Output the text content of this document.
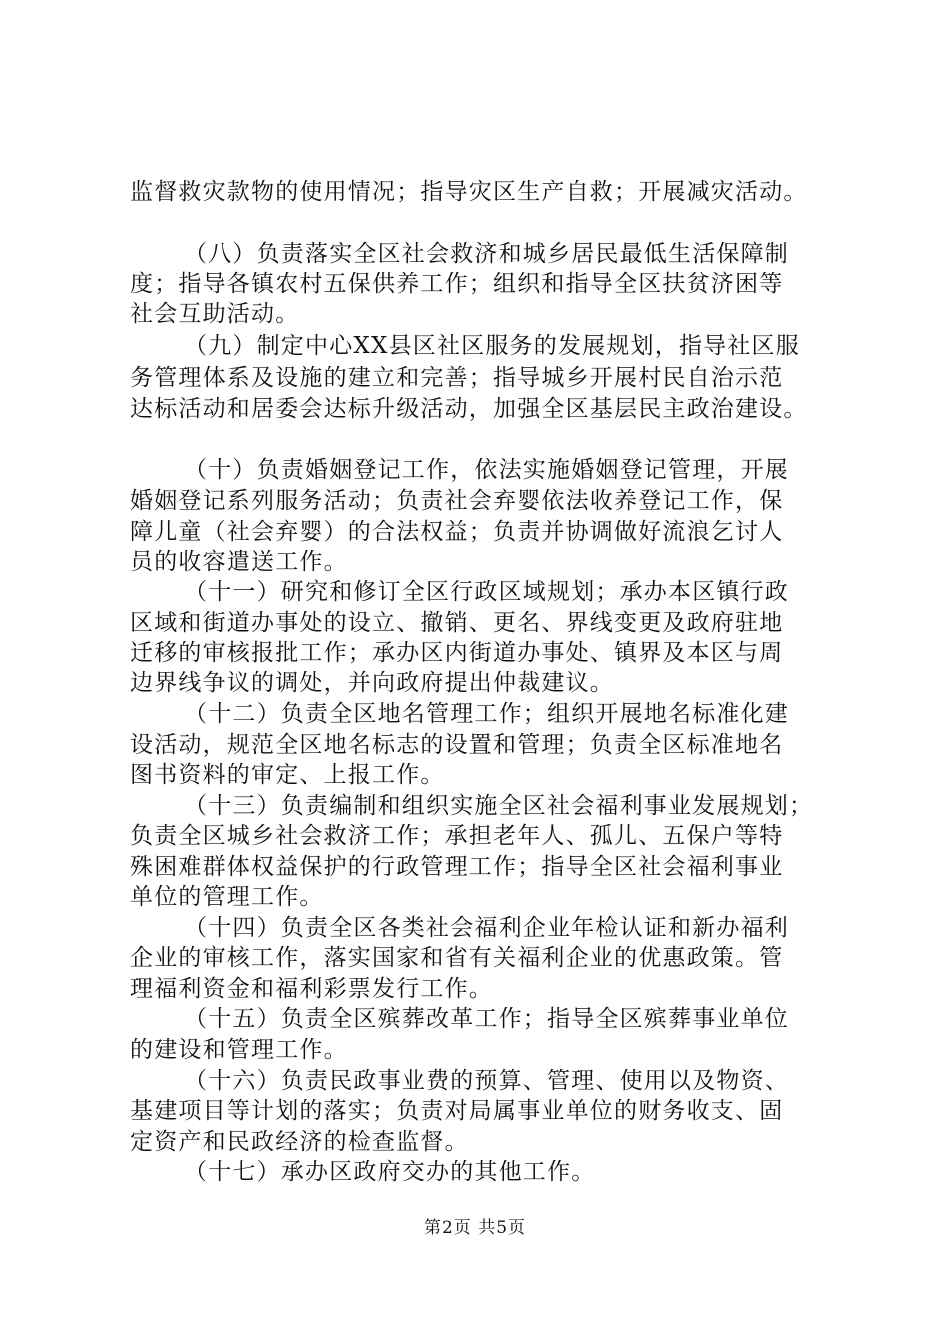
监督救灾款物的使用情况；指导灾区生产自救；开展减灾活动。
（八）负责落实全区社会救济和城乡居民最低生活保障制
度；指导各镇农村五保供养工作；组织和指导全区扶贫济困等
社会互助活动。
（九）制定中心XX县区社区服务的发展规划，指导社区服
务管理体系及设施的建立和完善；指导城乡开展村民自治示范
达标活动和居委会达标升级活动，加强全区基层民主政治建设。
（十）负责婚姻登记工作，依法实施婚姻登记管理，开展
婚姻登记系列服务活动；负责社会弃婴依法收养登记工作，保
障儿童（社会弃婴）的合法权益；负责并协调做好流浪乞讨人
员的收容遣送工作。
（十一）研究和修订全区行政区域规划；承办本区镇行政
区域和街道办事处的设立、撤销、更名、界线变更及政府驻地
迁移的审核报批工作；承办区内街道办事处、镇界及本区与周
边界线争议的调处，并向政府提出仲裁建议。
（十二）负责全区地名管理工作；组织开展地名标准化建
设活动，规范全区地名标志的设置和管理；负责全区标准地名
图书资料的审定、上报工作。
（十三）负责编制和组织实施全区社会福利事业发展规划；
负责全区城乡社会救济工作；承担老年人、孤儿、五保户等特
殊困难群体权益保护的行政管理工作；指导全区社会福利事业
单位的管理工作。
（十四）负责全区各类社会福利企业年检认证和新办福利
企业的审核工作，落实国家和省有关福利企业的优惠政策。管
理福利资金和福利彩票发行工作。
（十五）负责全区殡葬改革工作；指导全区殡葬事业单位
的建设和管理工作。
（十六）负责民政事业费的预算、管理、使用以及物资、
基建项目等计划的落实；负责对局属事业单位的财务收支、固
定资产和民政经济的检查监督。
（十七）承办区政府交办的其他工作。
第2页 共5页
